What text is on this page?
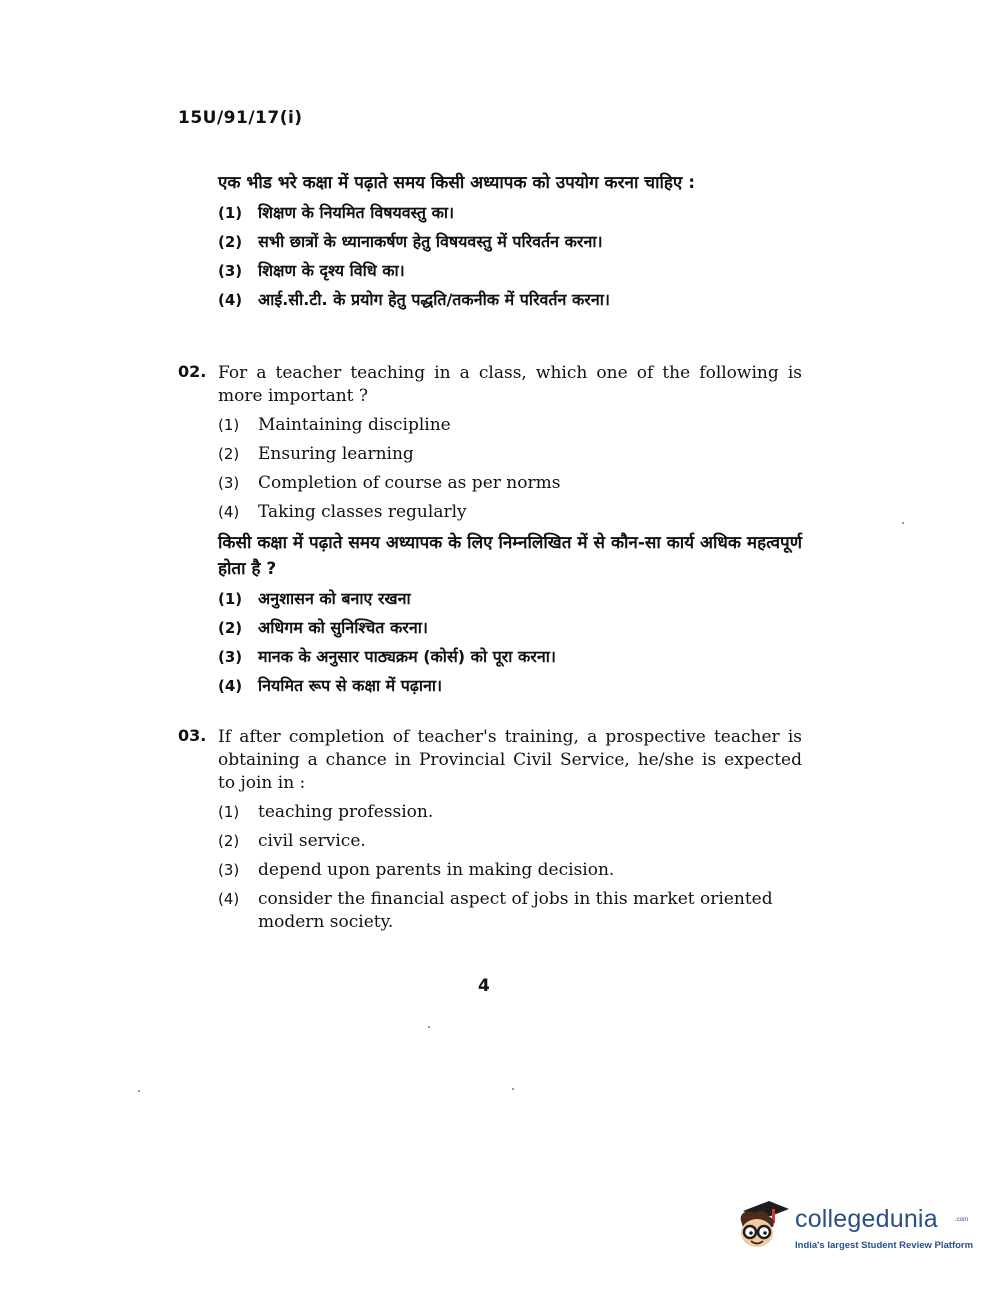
15U/91/17(i)
एक भीड भरे कक्षा में पढ़ाते समय किसी अध्यापक को उपयोग करना चाहिए :
(1) शिक्षण के नियमित विषयवस्तु का।
(2) सभी छात्रों के ध्यानाकर्षण हेतु विषयवस्तु में परिवर्तन करना।
(3) शिक्षण के दृश्य विधि का।
(4) आई.सी.टी. के प्रयोग हेतु पद्धति/तकनीक में परिवर्तन करना।
02. For a teacher teaching in a class, which one of the following is more important ?
(1)	Maintaining discipline
(2)	Ensuring learning
(3)	Completion of course as per norms
(4)	Taking classes regularly
किसी कक्षा में पढ़ाते समय अध्यापक के लिए निम्नलिखित में से कौन-सा कार्य अधिक महत्वपूर्ण होता है ?
(1) अनुशासन को बनाए रखना
(2) अधिगम को सुनिश्चित करना।
(3) मानक के अनुसार पाठ्यक्रम (कोर्स) को पूरा करना।
(4) नियमित रूप से कक्षा में पढ़ाना।
03. If after completion of teacher's training, a prospective teacher is obtaining a chance in Provincial Civil Service, he/she is expected to join in :
(1)	teaching profession.
(2)	civil service.
(3)	depend upon parents in making decision.
(4)	consider the financial aspect of jobs in this market oriented modern society.
4
collegedunia	.com
India's largest Student Review Platform
